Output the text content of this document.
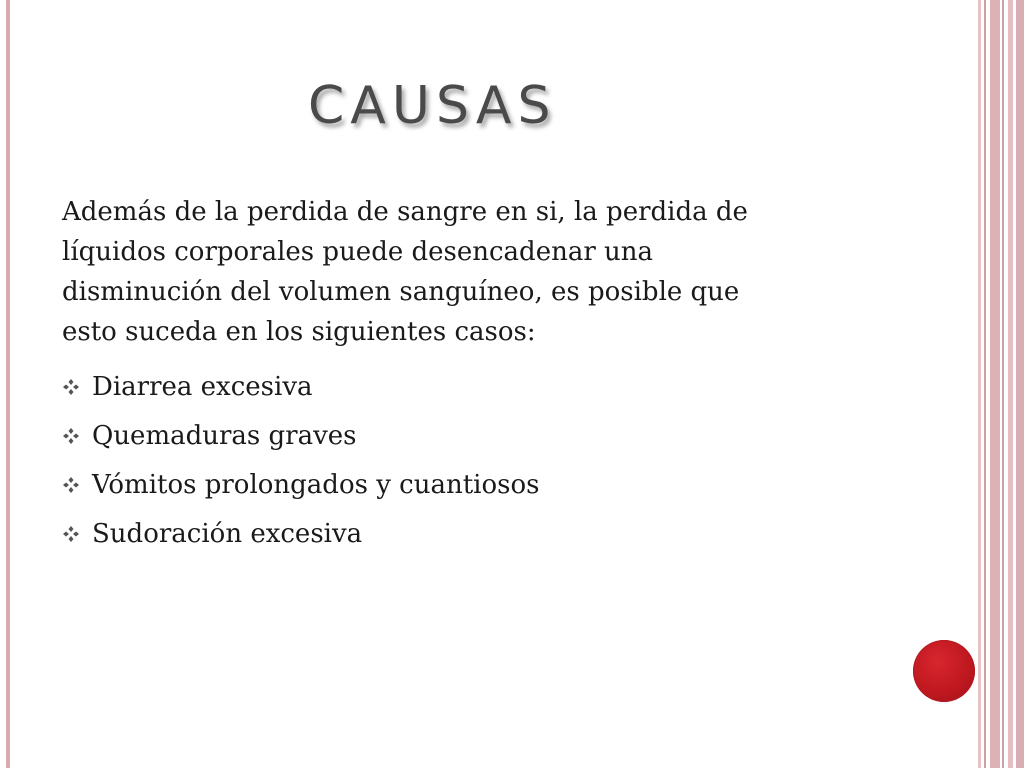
CAUSAS

Además de la perdida de sangre en si, la perdida de
líquidos corporales puede desencadenar una
disminución del volumen sanguíneo, es posible que
esto suceda en los siguientes casos:

Diarrea excesiva
Quemaduras graves
Vómitos prolongados y cuantiosos
Sudoración excesiva
